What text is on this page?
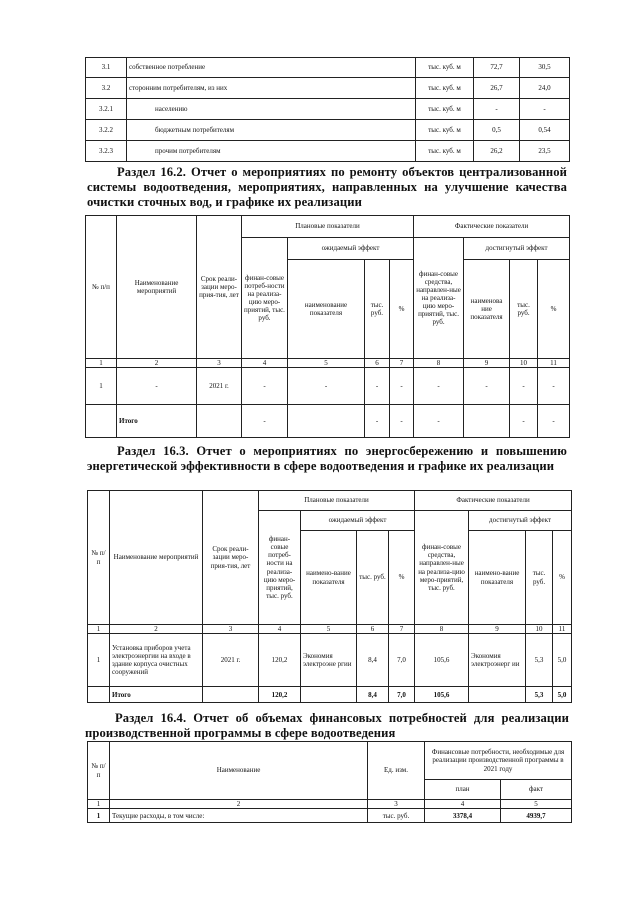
3.1	собственное потребление	тыс. куб. м	72,7	30,5
3.2	сторонним потребителям, из них	тыс. куб. м	26,7	24,0
3.2.1	населению	тыс. куб. м	-	-
3.2.2	бюджетным потребителям	тыс. куб. м	0,5	0,54
3.2.3	прочим потребителям	тыс. куб. м	26,2	23,5
Раздел 16.2. Отчет о мероприятиях по ремонту объектов централизованной системы водоотведения, мероприятиях, направленных на улучшение качества очистки сточных вод, и графике их реализации
№ п/п	Наименование мероприятий	Срок реали-зации меро-прия-тия, лет	Плановые показатели				Фактические показатели			
			финан-совые потреб-ности на реализа-цию меро-приятий, тыс. руб.	ожидаемый эффект			финан-совые средства, направлен-ные на реализа-цию меро-приятий, тыс. руб.	достигнутый эффект		
				наименование показателя	тыс. руб.	%		наименова ние показателя	тыс. руб.	%
1	2	3	4	5	6	7	8	9	10	11
1	-	2021 г.	-	-	-	-	-	-	-	-
	Итого		-		-	-	-		-	-
Раздел 16.3. Отчет о мероприятиях по энергосбережению и повышению энергетической эффективности в сфере водоотведения и графике их реализации
№ п/п	Наименование мероприятий	Срок реали-зации меро-прия-тия, лет	Плановые показатели				Фактические показатели			
			финан-совые потреб-ности на реализа-цию меро-приятий, тыс. руб.	ожидаемый эффект			финан-совые средства, направлен-ные на реализа-цию меро-приятий, тыс. руб.	достигнутый эффект		
				наимено-вание показателя	тыс. руб.	%		наимено-вание показателя	тыс. руб.	%
1	2	3	4	5	6	7	8	9	10	11
1	Установка приборов учета электроэнергии на входе в здание корпуса очистных сооружений	2021 г.	120,2	Экономия электроэне ргии	8,4	7,0	105,6	Экономия электроэнерг ии	5,3	5,0
	Итого		120,2		8,4	7,0	105,6		5,3	5,0
Раздел 16.4. Отчет об объемах финансовых потребностей для реализации производственной программы в сфере водоотведения
№ п/п	Наименование	Ед. изм.	Финансовые потребности, необходимые для реализации производственной программы в 2021 году	
			план	факт
1	2	3	4	5
1	Текущие расходы, в том числе:	тыс. руб.	3378,4	4939,7
